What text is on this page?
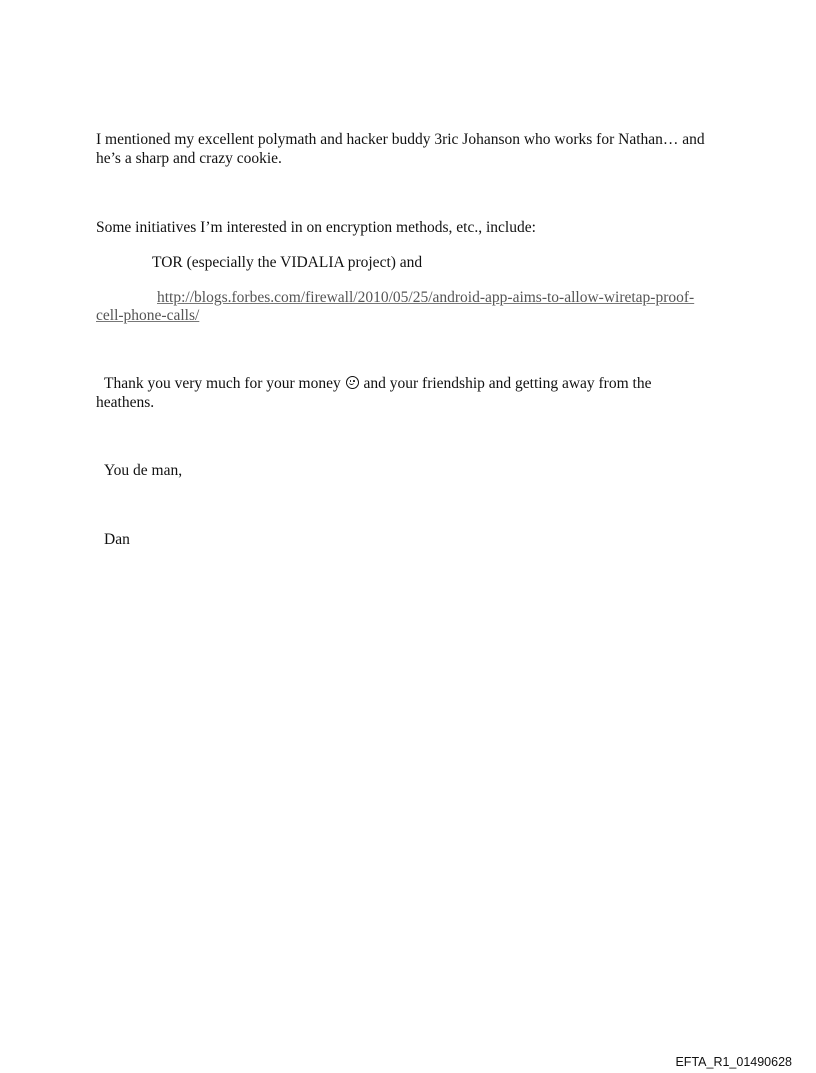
I mentioned my excellent polymath and hacker buddy 3ric Johanson who works for Nathan… and
he’s a sharp and crazy cookie.
Some initiatives I’m interested in on encryption methods, etc., include:
TOR (especially the VIDALIA project) and
http://blogs.forbes.com/firewall/2010/05/25/android-app-aims-to-allow-wiretap-proof-
cell-phone-calls/
Thank you very much for your money and your friendship and getting away from the
heathens.
You de man,
Dan
EFTA_R1_01490628
